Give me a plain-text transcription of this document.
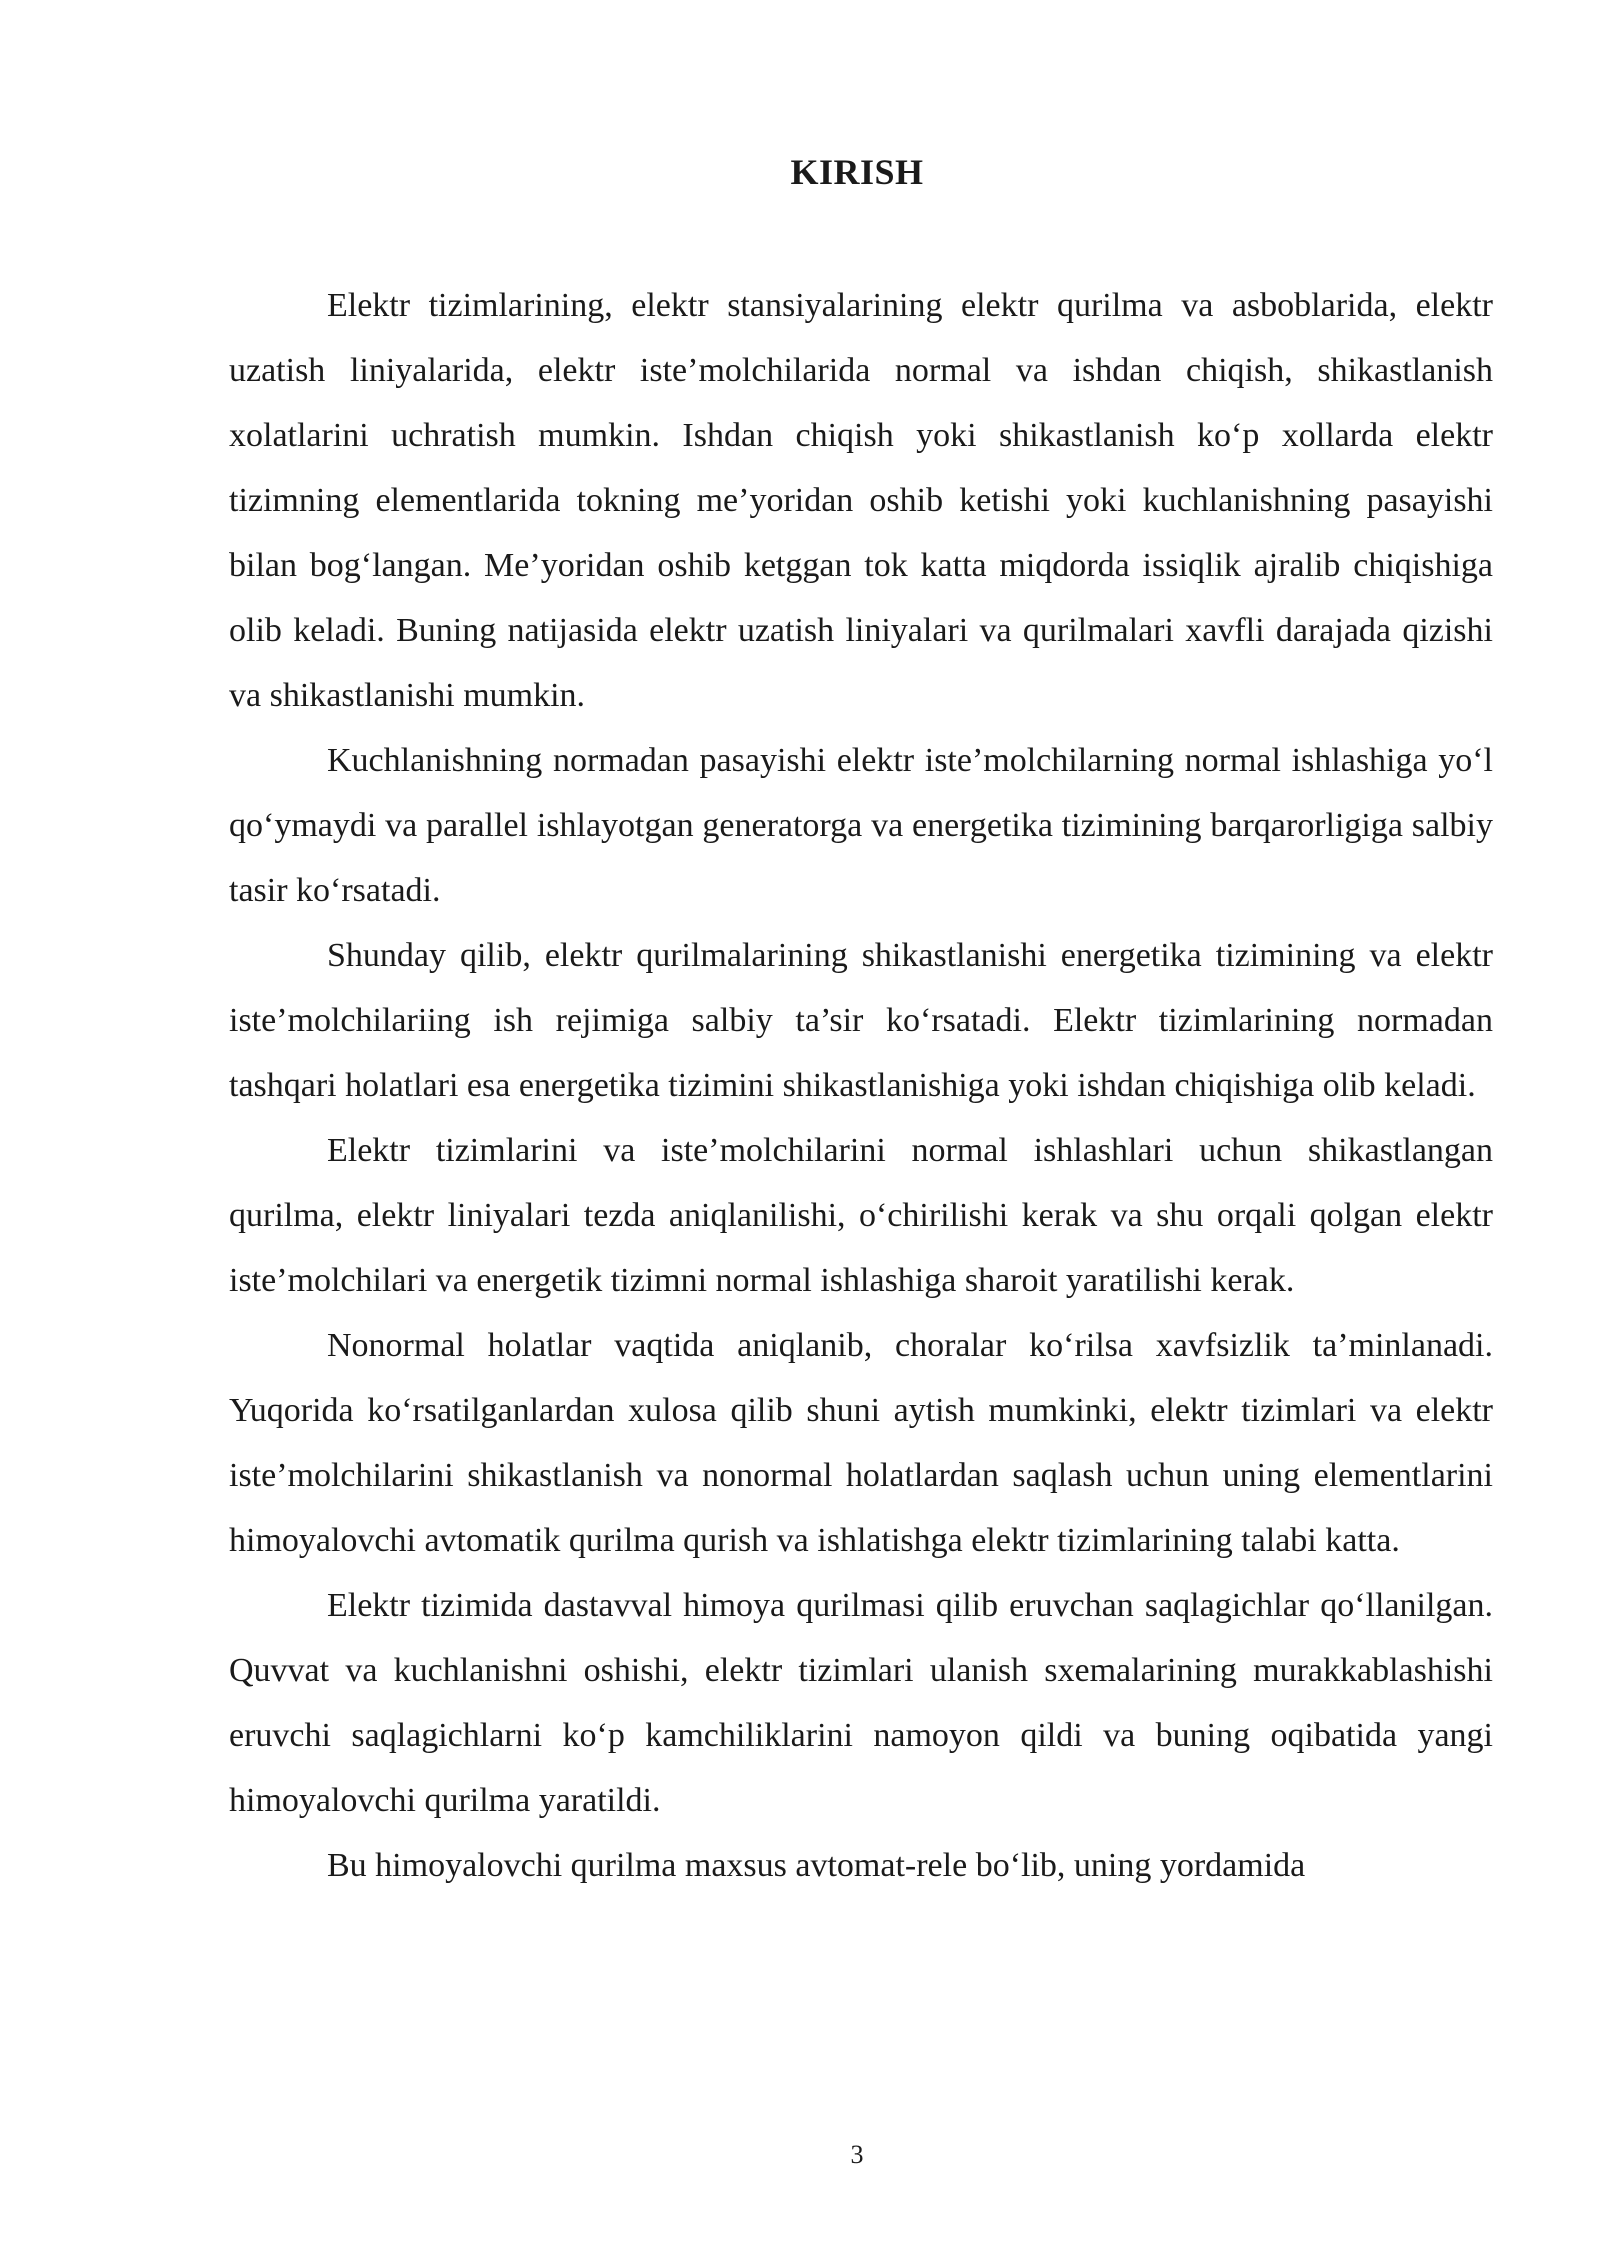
KIRISH

Elektr tizimlarining, elektr stansiyalarining elektr qurilma va asboblarida, elektr uzatish liniyalarida, elektr iste’molchilarida normal va ishdan chiqish, shikastlanish xolatlarini uchratish mumkin. Ishdan chiqish yoki shikastlanish ko‘p xollarda elektr tizimning elementlarida tokning me’yoridan oshib ketishi yoki kuchlanishning pasayishi bilan bog‘langan. Me’yoridan oshib ketggan tok katta miqdorda issiqlik ajralib chiqishiga olib keladi. Buning natijasida elektr uzatish liniyalari va qurilmalari xavfli darajada qizishi va shikastlanishi mumkin.

Kuchlanishning normadan pasayishi elektr iste’molchilarning normal ishlashiga yo‘l qo‘ymaydi va parallel ishlayotgan generatorga va energetika tizimining barqarorligiga salbiy tasir ko‘rsatadi.

Shunday qilib, elektr qurilmalarining shikastlanishi energetika tizimining va elektr iste’molchilariing ish rejimiga salbiy ta’sir ko‘rsatadi. Elektr tizimlarining normadan tashqari holatlari esa energetika tizimini shikastlanishiga yoki ishdan chiqishiga olib keladi.

Elektr tizimlarini va iste’molchilarini normal ishlashlari uchun shikastlangan qurilma, elektr liniyalari tezda aniqlanilishi, o‘chirilishi kerak va shu orqali qolgan elektr iste’molchilari va energetik tizimni normal ishlashiga sharoit yaratilishi kerak.

Nonormal holatlar vaqtida aniqlanib, choralar ko‘rilsa xavfsizlik ta’minlanadi. Yuqorida ko‘rsatilganlardan xulosa qilib shuni aytish mumkinki, elektr tizimlari va elektr iste’molchilarini shikastlanish va nonormal holatlardan saqlash uchun uning elementlarini himoyalovchi avtomatik qurilma qurish va ishlatishga elektr tizimlarining talabi katta.

Elektr tizimida dastavval himoya qurilmasi qilib eruvchan saqlagichlar qo‘llanilgan. Quvvat va kuchlanishni oshishi, elektr tizimlari ulanish sxemalarining murakkablashishi eruvchi saqlagichlarni ko‘p kamchiliklarini namoyon qildi va buning oqibatida yangi himoyalovchi qurilma yaratildi.

Bu himoyalovchi qurilma maxsus avtomat-rele bo‘lib, uning yordamida

3
